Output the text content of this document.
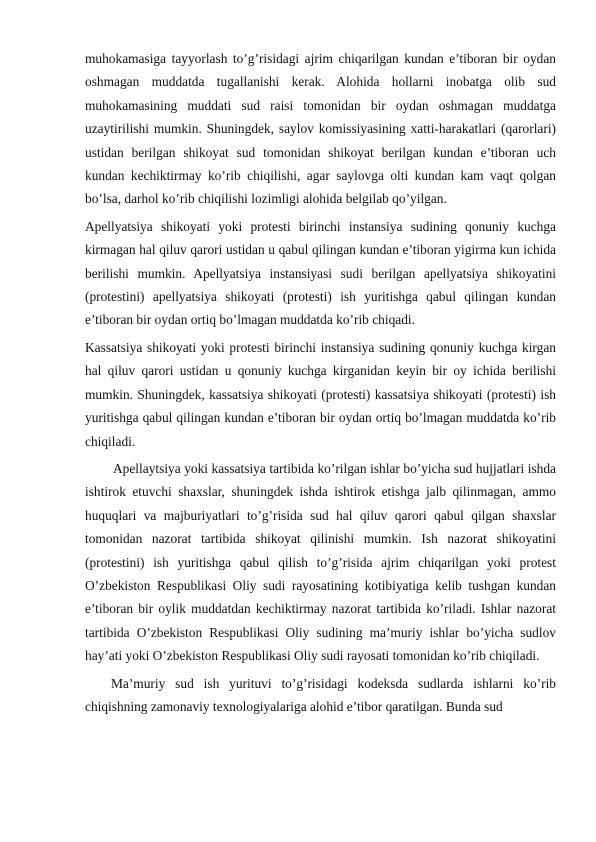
muhokamasiga tayyorlash to’g’risidagi ajrim chiqarilgan kundan e’tiboran bir oydan oshmagan muddatda tugallanishi kerak. Alohida hollarni inobatga olib sud muhokamasining muddati sud raisi tomonidan bir oydan oshmagan muddatga uzaytirilishi mumkin. Shuningdek, saylov komissiyasining xatti-harakatlari (qarorlari) ustidan berilgan shikoyat sud tomonidan shikoyat berilgan kundan e’tiboran uch kundan kechiktirmay ko’rib chiqilishi, agar saylovga olti kundan kam vaqt qolgan bo’lsa, darhol ko’rib chiqilishi lozimligi alohida belgilab qo’yilgan.

Apellyatsiya shikoyati yoki protesti birinchi instansiya sudining qonuniy kuchga kirmagan hal qiluv qarori ustidan u qabul qilingan kundan e’tiboran yigirma kun ichida berilishi mumkin. Apellyatsiya instansiyasi sudi berilgan apellyatsiya shikoyatini (protestini) apellyatsiya shikoyati (protesti) ish yuritishga qabul qilingan kundan e’tiboran bir oydan ortiq bo’lmagan muddatda ko’rib chiqadi.

Kassatsiya shikoyati yoki protesti birinchi instansiya sudining qonuniy kuchga kirgan hal qiluv qarori ustidan u qonuniy kuchga kirganidan keyin bir oy ichida berilishi mumkin. Shuningdek, kassatsiya shikoyati (protesti) kassatsiya shikoyati (protesti) ish yuritishga qabul qilingan kundan e’tiboran bir oydan ortiq bo’lmagan muddatda ko’rib chiqiladi.

Apellaytsiya yoki kassatsiya tartibida ko’rilgan ishlar bo’yicha sud hujjatlari ishda ishtirok etuvchi shaxslar, shuningdek ishda ishtirok etishga jalb qilinmagan, ammo huquqlari va majburiyatlari to’g’risida sud hal qiluv qarori qabul qilgan shaxslar tomonidan nazorat tartibida shikoyat qilinishi mumkin. Ish nazorat shikoyatini (protestini) ish yuritishga qabul qilish to’g’risida ajrim chiqarilgan yoki protest O’zbekiston Respublikasi Oliy sudi rayosatining kotibiyatiga kelib tushgan kundan e’tiboran bir oylik muddatdan kechiktirmay nazorat tartibida ko’riladi. Ishlar nazorat tartibida O’zbekiston Respublikasi Oliy sudining ma’muriy ishlar bo’yicha sudlov hay’ati yoki O’zbekiston Respublikasi Oliy sudi rayosati tomonidan ko’rib chiqiladi.

Ma’muriy sud ish yurituvi to’g’risidagi kodeksda sudlarda ishlarni ko’rib chiqishning zamonaviy texnologiyalariga alohid e’tibor qaratilgan. Bunda sud
